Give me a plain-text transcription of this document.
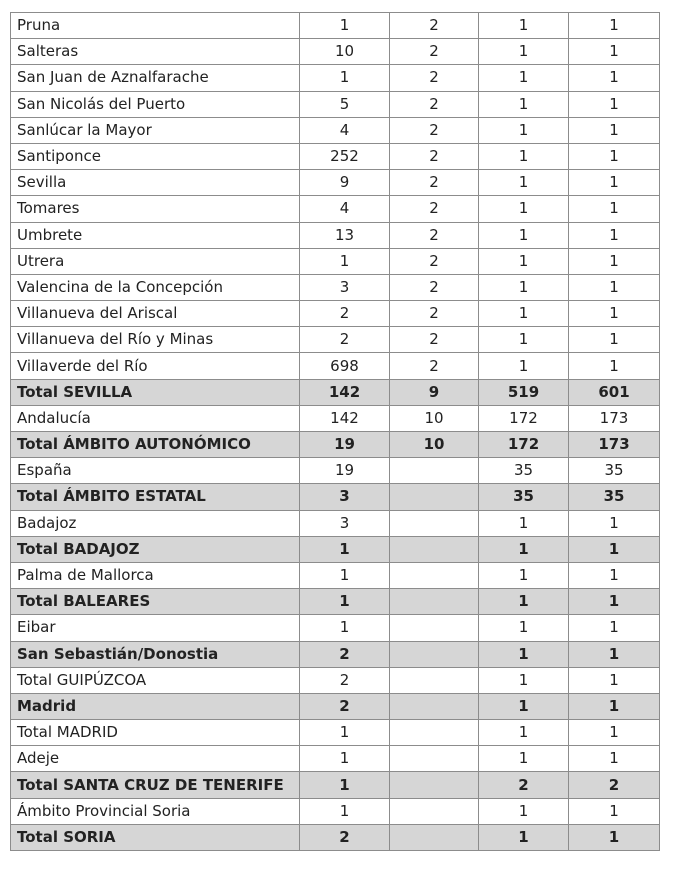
Pruna	1	2	1	1
Salteras	10	2	1	1
San Juan de Aznalfarache	1	2	1	1
San Nicolás del Puerto	5	2	1	1
Sanlúcar la Mayor	4	2	1	1
Santiponce	252	2	1	1
Sevilla	9	2	1	1
Tomares	4	2	1	1
Umbrete	13	2	1	1
Utrera	1	2	1	1
Valencina de la Concepción	3	2	1	1
Villanueva del Ariscal	2	2	1	1
Villanueva del Río y Minas	2	2	1	1
Villaverde del Río	698	2	1	1
Total SEVILLA	142	9	519	601
Andalucía	142	10	172	173
Total ÁMBITO AUTONÓMICO	19	10	172	173
España	19		35	35
Total ÁMBITO ESTATAL	3		35	35
Badajoz	3		1	1
Total BADAJOZ	1		1	1
Palma de Mallorca	1		1	1
Total BALEARES	1		1	1
Eibar	1		1	1
San Sebastián/Donostia	2		1	1
Total GUIPÚZCOA	2		1	1
Madrid	2		1	1
Total MADRID	1		1	1
Adeje	1		1	1
Total SANTA CRUZ DE TENERIFE	1		2	2
Ámbito Provincial Soria	1		1	1
Total SORIA	2		1	1
